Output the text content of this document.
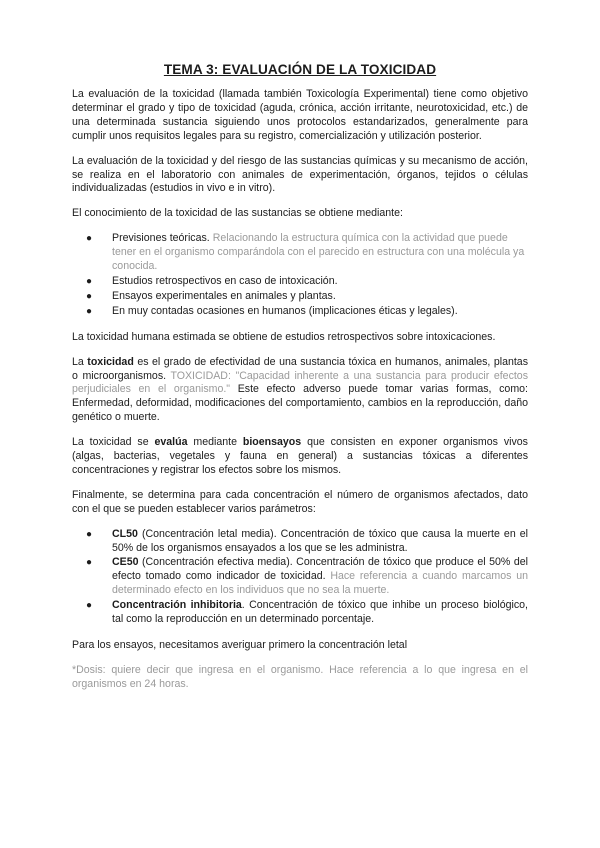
TEMA 3: EVALUACIÓN DE LA TOXICIDAD

La evaluación de la toxicidad (llamada también Toxicología Experimental) tiene como objetivo determinar el grado y tipo de toxicidad (aguda, crónica, acción irritante, neurotoxicidad, etc.) de una determinada sustancia siguiendo unos protocolos estandarizados, generalmente para cumplir unos requisitos legales para su registro, comercialización y utilización posterior.

La evaluación de la toxicidad y del riesgo de las sustancias químicas y su mecanismo de acción, se realiza en el laboratorio con animales de experimentación, órganos, tejidos o células individualizadas (estudios in vivo e in vitro).

El conocimiento de la toxicidad de las sustancias se obtiene mediante:

● Previsiones teóricas. Relacionando la estructura química con la actividad que puede tener en el organismo comparándola con el parecido en estructura con una molécula ya conocida.
● Estudios retrospectivos en caso de intoxicación.
● Ensayos experimentales en animales y plantas.
● En muy contadas ocasiones en humanos (implicaciones éticas y legales).

La toxicidad humana estimada se obtiene de estudios retrospectivos sobre intoxicaciones.

La toxicidad es el grado de efectividad de una sustancia tóxica en humanos, animales, plantas o microorganismos. TOXICIDAD: "Capacidad inherente a una sustancia para producir efectos perjudiciales en el organismo." Este efecto adverso puede tomar varias formas, como: Enfermedad, deformidad, modificaciones del comportamiento, cambios en la reproducción, daño genético o muerte.

La toxicidad se evalúa mediante bioensayos que consisten en exponer organismos vivos (algas, bacterias, vegetales y fauna en general) a sustancias tóxicas a diferentes concentraciones y registrar los efectos sobre los mismos.

Finalmente, se determina para cada concentración el número de organismos afectados, dato con el que se pueden establecer varios parámetros:

● CL50 (Concentración letal media). Concentración de tóxico que causa la muerte en el 50% de los organismos ensayados a los que se les administra.
● CE50 (Concentración efectiva media). Concentración de tóxico que produce el 50% del efecto tomado como indicador de toxicidad. Hace referencia a cuando marcamos un determinado efecto en los individuos que no sea la muerte.
● Concentración inhibitoria. Concentración de tóxico que inhibe un proceso biológico, tal como la reproducción en un determinado porcentaje.

Para los ensayos, necesitamos averiguar primero la concentración letal

*Dosis: quiere decir que ingresa en el organismo. Hace referencia a lo que ingresa en el organismos en 24 horas.
